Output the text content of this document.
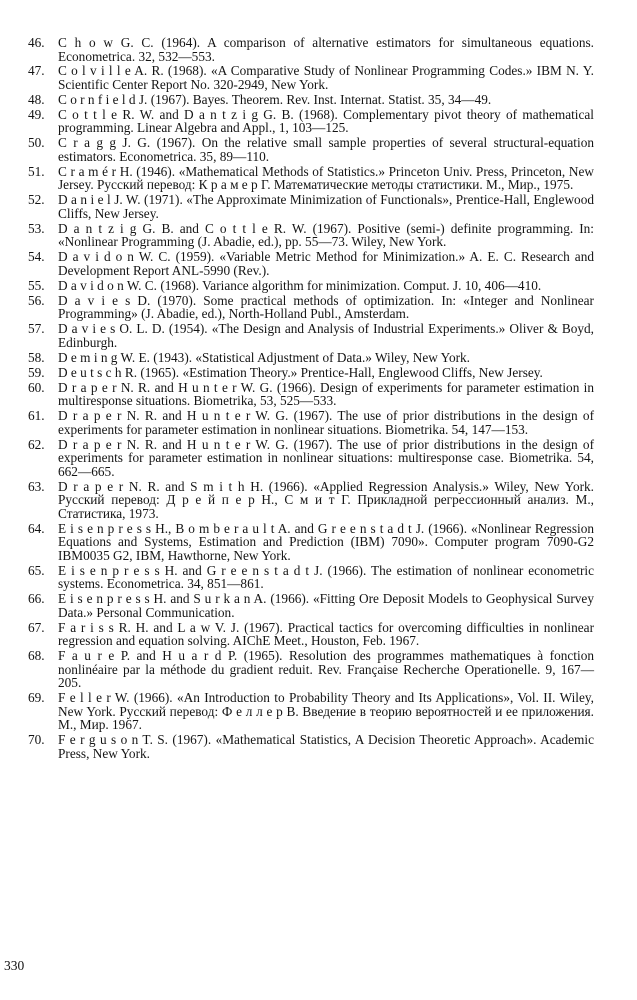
46.	C h o w G. C. (1964). A comparison of alternative estimators for simultaneous equations. Econometrica. 32, 532—553.
47.	C o l v i l l e A. R. (1968). «A Comparative Study of Nonlinear Programming Codes.» IBM N. Y. Scientific Center Report No. 320-2949, New York.
48.	C o r n f i e l d J. (1967). Bayes. Theorem. Rev. Inst. Internat. Statist. 35, 34—49.
49.	C o t t l e R. W. and D a n t z i g G. B. (1968). Complementary pivot theory of mathematical programming. Linear Algebra and Appl., 1, 103—125.
50.	C r a g g J. G. (1967). On the relative small sample properties of several structural-equation estimators. Econometrica. 35, 89—110.
51.	C r a m é r H. (1946). «Mathematical Methods of Statistics.» Princeton Univ. Press, Princeton, New Jersey. Русский перевод: К р а м е р Г. Математические методы статистики. М., Мир., 1975.
52.	D a n i e l J. W. (1971). «The Approximate Minimization of Functionals», Prentice-Hall, Englewood Cliffs, New Jersey.
53.	D a n t z i g G. B. and C o t t l e R. W. (1967). Positive (semi-) definite programming. In: «Nonlinear Programming (J. Abadie, ed.), pp. 55—73. Wiley, New York.
54.	D a v i d o n W. C. (1959). «Variable Metric Method for Minimization.» A. E. C. Research and Development Report ANL-5990 (Rev.).
55.	D a v i d o n W. C. (1968). Variance algorithm for minimization. Comput. J. 10, 406—410.
56.	D a v i e s D. (1970). Some practical methods of optimization. In: «Integer and Nonlinear Programming» (J. Abadie, ed.), North-Holland Publ., Amsterdam.
57.	D a v i e s O. L. D. (1954). «The Design and Analysis of Industrial Experiments.» Oliver & Boyd, Edinburgh.
58.	D e m i n g W. E. (1943). «Statistical Adjustment of Data.» Wiley, New York.
59.	D e u t s c h R. (1965). «Estimation Theory.» Prentice-Hall, Englewood Cliffs, New Jersey.
60.	D r a p e r N. R. and H u n t e r W. G. (1966). Design of experiments for parameter estimation in multiresponse situations. Biometrika, 53, 525—533.
61.	D r a p e r N. R. and H u n t e r W. G. (1967). The use of prior distributions in the design of experiments for parameter estimation in nonlinear situations. Biometrika. 54, 147—153.
62.	D r a p e r N. R. and H u n t e r W. G. (1967). The use of prior distributions in the design of experiments for parameter estimation in nonlinear situations: multiresponse case. Biometrika. 54, 662—665.
63.	D r a p e r N. R. and S m i t h H. (1966). «Applied Regression Analysis.» Wiley, New York. Русский перевод: Д р е й п е р Н., С м и т Г. Прикладной регрессионный анализ. М., Статистика, 1973.
64.	E i s e n p r e s s H., B o m b e r a u l t A. and G r e e n s t a d t J. (1966). «Nonlinear Regression Equations and Systems, Estimation and Prediction (IBM) 7090». Computer program 7090-G2 IBM0035 G2, IBM, Hawthorne, New York.
65.	E i s e n p r e s s H. and G r e e n s t a d t J. (1966). The estimation of nonlinear econometric systems. Econometrica. 34, 851—861.
66.	E i s e n p r e s s H. and S u r k a n A. (1966). «Fitting Ore Deposit Models to Geophysical Survey Data.» Personal Communication.
67.	F a r i s s R. H. and L a w V. J. (1967). Practical tactics for overcoming difficulties in nonlinear regression and equation solving. AIChE Meet., Houston, Feb. 1967.
68.	F a u r e P. and H u a r d P. (1965). Resolution des programmes mathematiques à fonction nonlinéaire par la méthode du gradient reduit. Rev. Française Recherche Operationelle. 9, 167—205.
69.	F e l l e r W. (1966). «An Introduction to Probability Theory and Its Applications», Vol. II. Wiley, New York. Русский перевод: Ф е л л е р В. Введение в теорию вероятностей и ее приложения. М., Мир. 1967.
70.	F e r g u s o n T. S. (1967). «Mathematical Statistics, A Decision Theoretic Approach». Academic Press, New York.
330
